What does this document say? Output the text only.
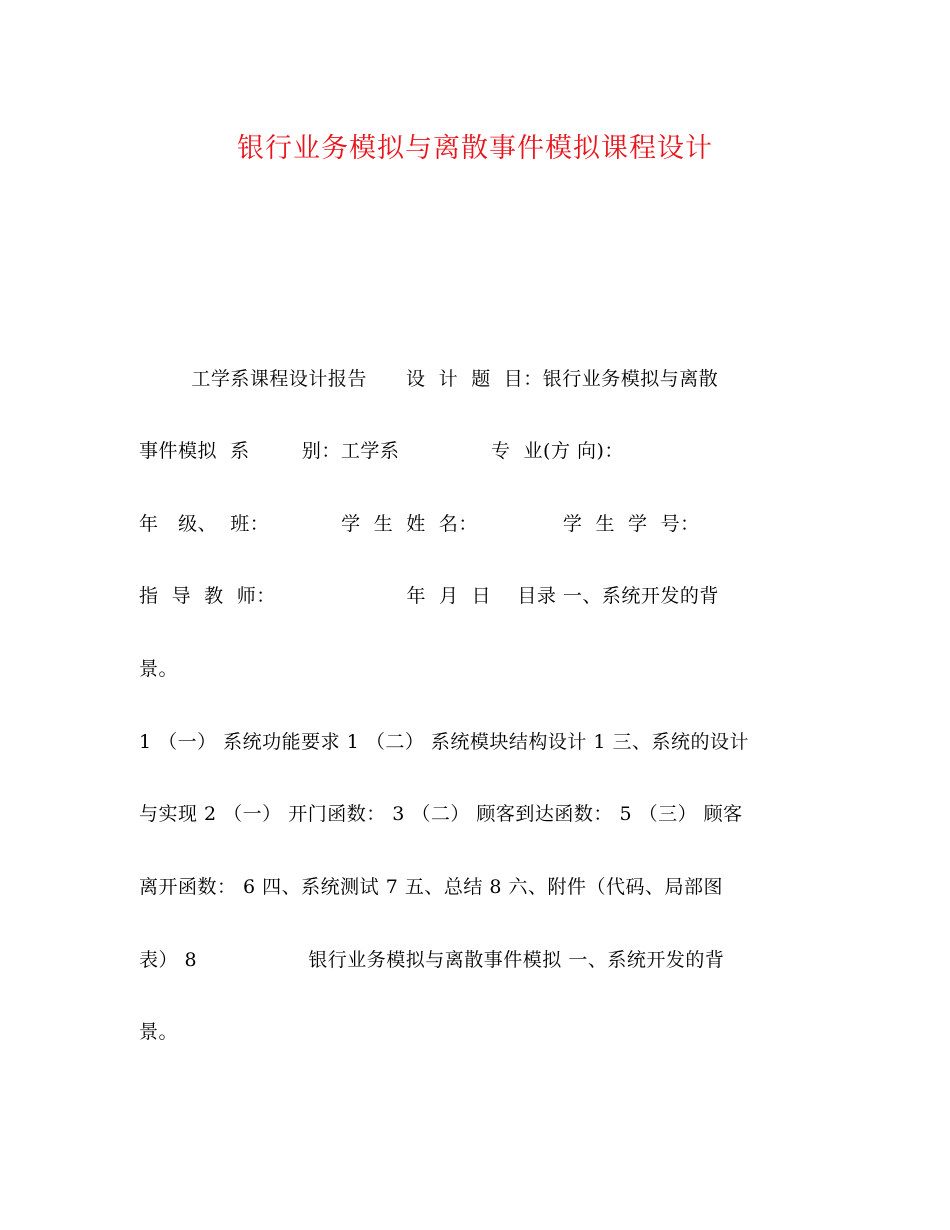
银行业务模拟与离散事件模拟课程设计
工学系课程设计报告      设  计  题  目：银行业务模拟与离散
事件模拟  系        别：工学系              专  业(方 向)：
年   级、  班：           学  生  姓  名：             学  生  学  号：
指  导  教  师：                    年  月  日    目录 一、系统开发的背
景。
1 （一） 系统功能要求 1 （二） 系统模块结构设计 1 三、系统的设计
与实现 2 （一） 开门函数： 3 （二） 顾客到达函数： 5 （三） 顾客
离开函数： 6 四、系统测试 7 五、总结 8 六、附件（代码、局部图
表） 8                 银行业务模拟与离散事件模拟 一、系统开发的背
景。
